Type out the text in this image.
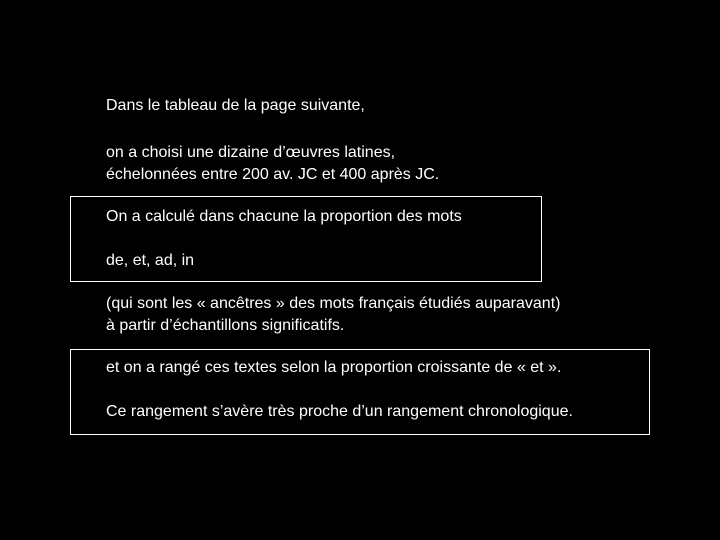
Dans le tableau de la page suivante,
on a choisi une dizaine d’œuvres latines,
échelonnées entre 200 av. JC et 400 après JC.
On a calculé dans chacune la proportion des mots
de, et, ad, in
(qui sont les « ancêtres » des mots français étudiés auparavant)
à partir d’échantillons significatifs.
et on a rangé ces textes selon la proportion croissante de « et ».
Ce rangement s’avère très proche d’un rangement chronologique.
